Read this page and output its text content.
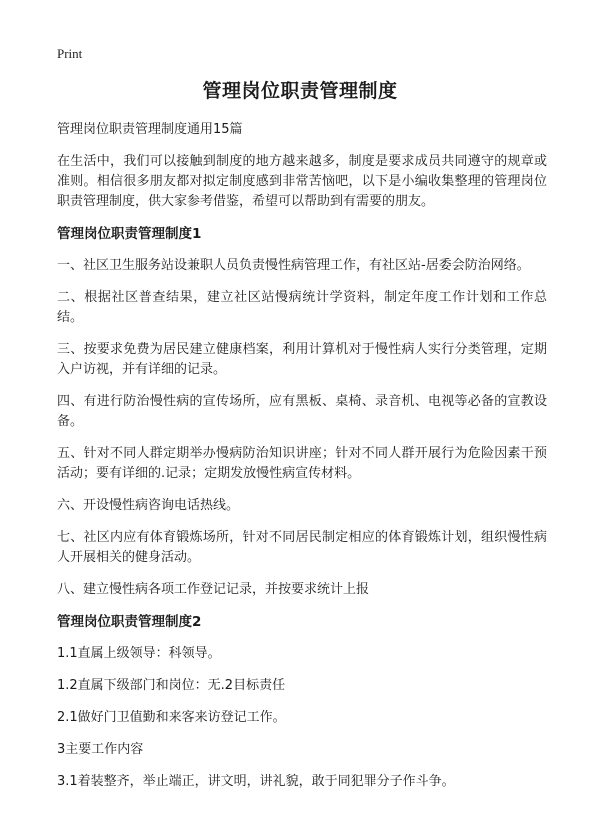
Print
管理岗位职责管理制度
管理岗位职责管理制度通用15篇

在生活中，我们可以接触到制度的地方越来越多，制度是要求成员共同遵守的规章或准则。相信很多朋友都对拟定制度感到非常苦恼吧，以下是小编收集整理的管理岗位职责管理制度，供大家参考借鉴，希望可以帮助到有需要的朋友。

管理岗位职责管理制度1

一、社区卫生服务站设兼职人员负责慢性病管理工作，有社区站-居委会防治网络。

二、根据社区普查结果，建立社区站慢病统计学资料，制定年度工作计划和工作总结。

三、按要求免费为居民建立健康档案，利用计算机对于慢性病人实行分类管理，定期入户访视，并有详细的记录。

四、有进行防治慢性病的宣传场所，应有黑板、桌椅、录音机、电视等必备的宣教设备。

五、针对不同人群定期举办慢病防治知识讲座；针对不同人群开展行为危险因素干预活动；要有详细的.记录；定期发放慢性病宣传材料。

六、开设慢性病咨询电话热线。

七、社区内应有体育锻炼场所，针对不同居民制定相应的体育锻炼计划，组织慢性病人开展相关的健身活动。

八、建立慢性病各项工作登记记录，并按要求统计上报

管理岗位职责管理制度2

1.1直属上级领导：科领导。

1.2直属下级部门和岗位：无.2目标责任

2.1做好门卫值勤和来客来访登记工作。

3主要工作内容

3.1着装整齐，举止端正，讲文明，讲礼貌，敢于同犯罪分子作斗争。
